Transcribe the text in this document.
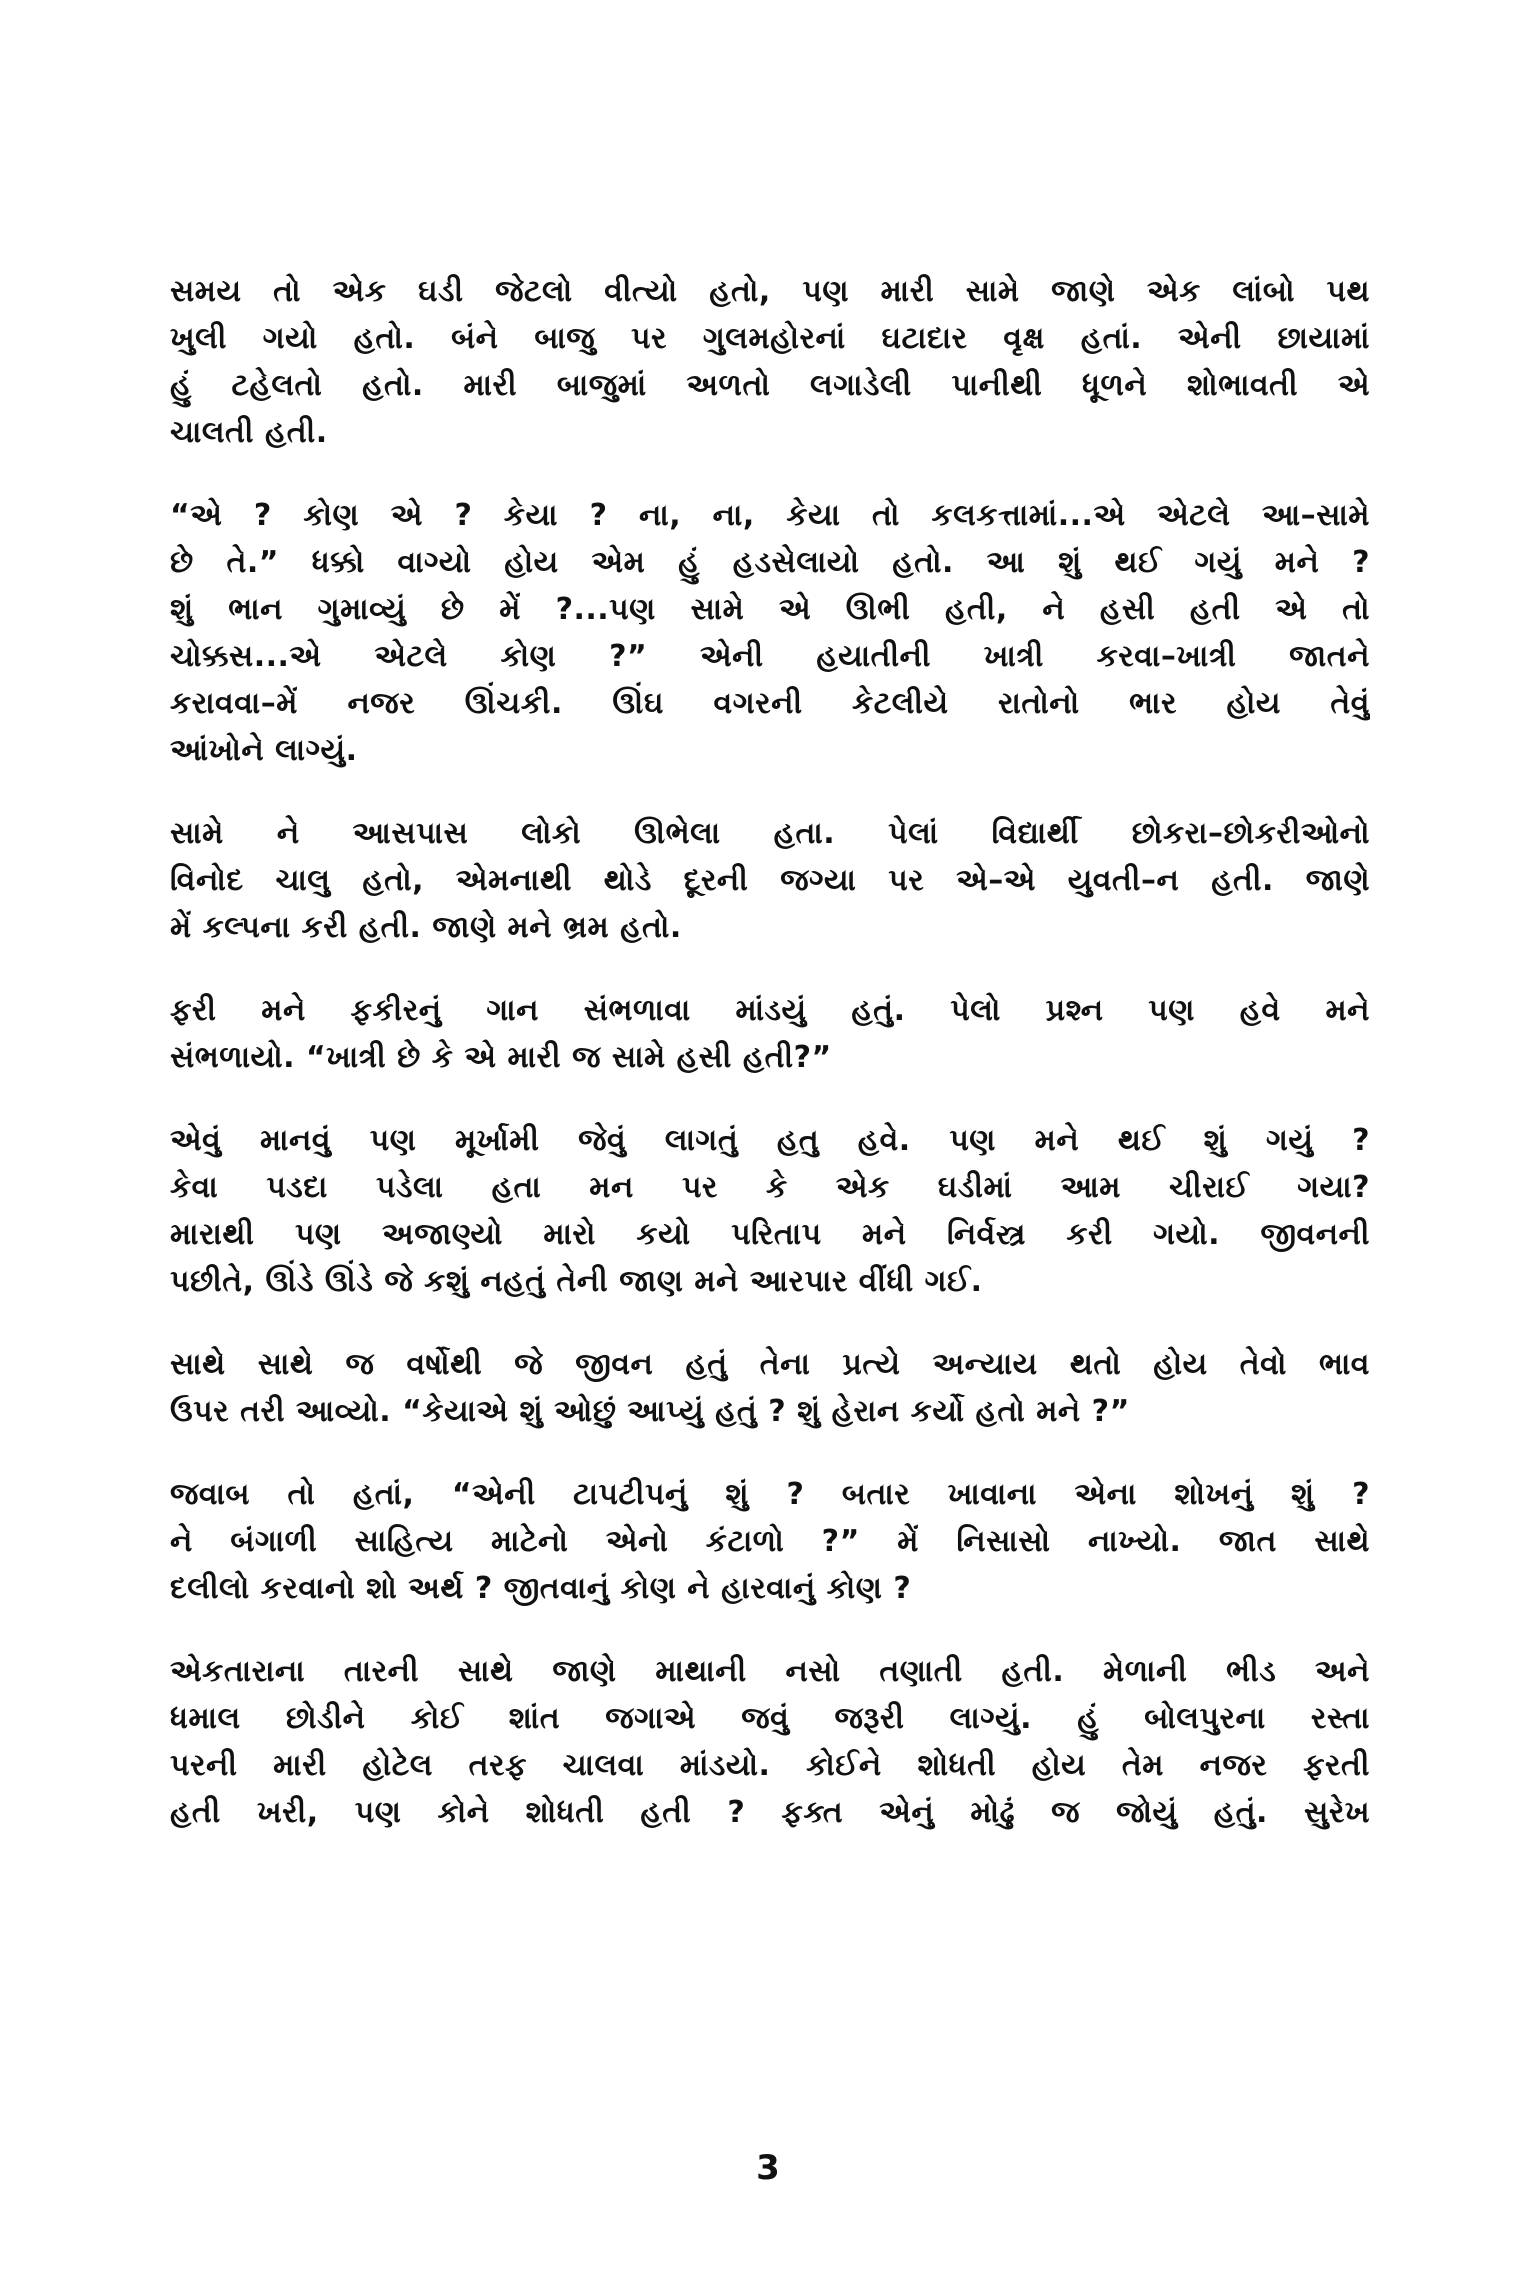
સમય તો એક ઘડી જેટલો વીત્યો હતો, પણ મારી સામે જાણે એક લાંબો પથ
ખુલી ગયો હતો. બંને બાજુ પર ગુલમહોરનાં ઘટાદાર વૃક્ષ હતાં. એની છાયામાં
હું ટહેલતો હતો. મારી બાજુમાં અળતો લગાડેલી પાનીથી ધૂળને શોભાવતી એ
ચાલતી હતી.

“એ ? કોણ એ ? કેયા ? ના, ના, કેયા તો કલકત્તામાં...એ એટલે આ–સામે
છે તે.” ધક્કો વાગ્યો હોય એમ હું હડસેલાયો હતો. આ શું થઈ ગયું મને ?
શું ભાન ગુમાવ્યું છે મેં ?...પણ સામે એ ઊભી હતી, ને હસી હતી એ તો
ચોક્કસ...એ એટલે કોણ ?” એની હયાતીની ખાત્રી કરવા–ખાત્રી જાતને
કરાવવા–મેં નજર ઊંચકી. ઊંઘ વગરની કેટલીયે રાતોનો ભાર હોય તેવું
આંખોને લાગ્યું.

સામે ને આસપાસ લોકો ઊભેલા હતા. પેલાં વિદ્યાર્થી છોકરા–છોકરીઓનો
વિનોદ ચાલુ હતો, એમનાથી થોડે દૂરની જગ્યા પર એ–એ યુવતી–ન હતી. જાણે
મેં કલ્પના કરી હતી. જાણે મને ભ્રમ હતો.

ફરી મને ફકીરનું ગાન સંભળાવા માંડયું હતું. પેલો પ્રશ્ન પણ હવે મને
સંભળાયો. “ખાત્રી છે કે એ મારી જ સામે હસી હતી?”

એવું માનવું પણ મૂર્ખામી જેવું લાગતું હતુ હવે. પણ મને થઈ શું ગયું ?
કેવા પડદા પડેલા હતા મન પર કે એક ઘડીમાં આમ ચીરાઈ ગયા?
મારાથી પણ અજાણ્યો મારો કયો પરિતાપ મને નિર્વસ્ત્ર કરી ગયો. જીવનની
પછીતે, ઊંડે ઊંડે જે કશું નહતું તેની જાણ મને આરપાર વીંધી ગઈ.

સાથે સાથે જ વર્ષોથી જે જીવન હતું તેના પ્રત્યે અન્યાય થતો હોય તેવો ભાવ
ઉપર તરી આવ્યો. “કેયાએ શું ઓછું આપ્યું હતું ? શું હેરાન કર્યો હતો મને ?”

જવાબ તો હતાં, “એની ટાપટીપનું શું ? બતાર ખાવાના એના શોખનું શું ?
ને બંગાળી સાહિત્ય માટેનો એનો કંટાળો ?” મેં નિસાસો નાખ્યો. જાત સાથે
દલીલો કરવાનો શો અર્થ ? જીતવાનું કોણ ને હારવાનું કોણ ?

એકતારાના તારની સાથે જાણે માથાની નસો તણાતી હતી. મેળાની ભીડ અને
ધમાલ છોડીને કોઈ શાંત જગાએ જવું જરૂરી લાગ્યું. હું બોલપુરના રસ્તા
પરની મારી હોટેલ તરફ ચાલવા માંડયો. કોઈને શોધતી હોય તેમ નજર ફરતી
હતી ખરી, પણ કોને શોધતી હતી ? ફક્ત એનું મોઢું જ જોયું હતું. સુરેખ

3
